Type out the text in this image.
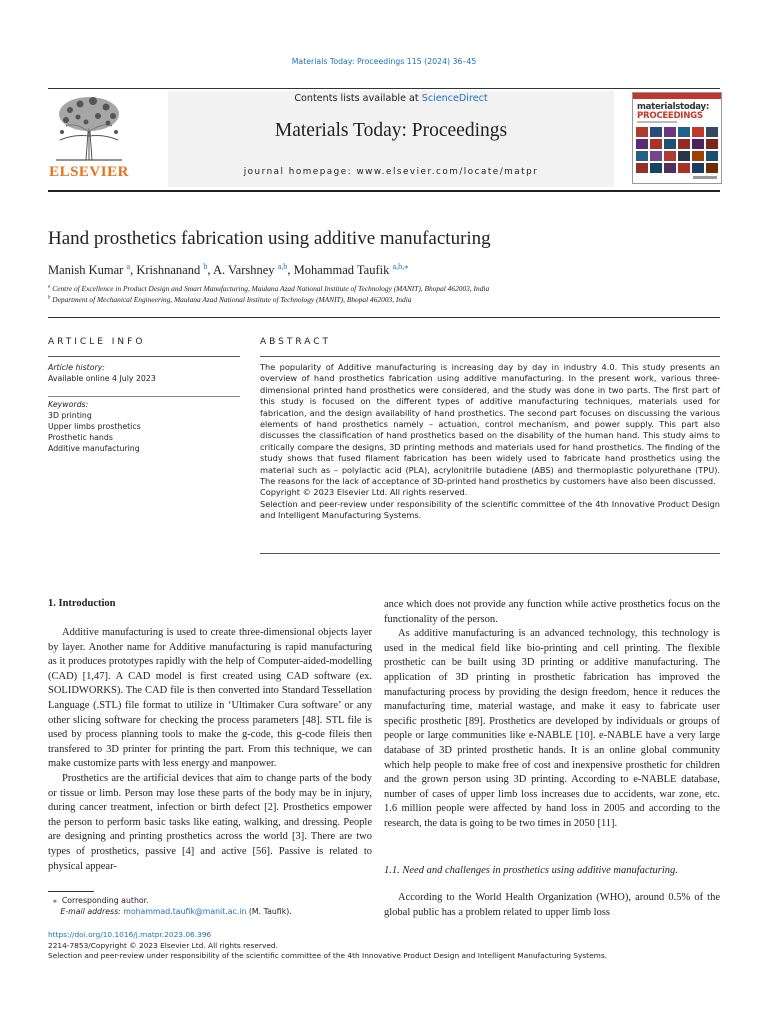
Materials Today: Proceedings 115 (2024) 36–45
ELSEVIER
Contents lists available at ScienceDirect
Materials Today: Proceedings
journal homepage: www.elsevier.com/locate/matpr
materialstoday:
PROCEEDINGS
Hand prosthetics fabrication using additive manufacturing
Manish Kumar $^a$, Krishnanand $^b$, A. Varshney $^{a,b}$, Mohammad Taufik $^{a,b,⁎}$
$^a$ Centre of Excellence in Product Design and Smart Manufacturing, Maulana Azad National Institute of Technology (MANIT), Bhopal 462003, India
$^b$ Department of Mechanical Engineering, Maulana Azad National Institute of Technology (MANIT), Bhopal 462003, India
ARTICLE INFO
Article history:
Available online 4 July 2023
Keywords:
3D printing
Upper limbs prosthetics
Prosthetic hands
Additive manufacturing
ABSTRACT

The popularity of Additive manufacturing is increasing day by day in industry 4.0. This study presents an overview of hand prosthetics fabrication using additive manufacturing. In the present work, various three-dimensional printed hand prosthetics were considered, and the study was done in two parts. The first part of this study is focused on the different types of additive manufacturing techniques, materials used for fabrication, and the design availability of hand prosthetics. The second part focuses on discussing the various elements of hand prosthetics namely – actuation, control mechanism, and power supply. This part also discusses the classification of hand prosthetics based on the disability of the human hand. This study aims to critically compare the designs, 3D printing methods and materials used for hand prosthetics. The finding of the study shows that fused filament fabrication has been widely used to fabricate hand prosthetics using the material such as – polylactic acid (PLA), acrylonitrile butadiene (ABS) and thermoplastic polyurethane (TPU). The reasons for the lack of acceptance of 3D-printed hand prosthetics by customers have also been discussed.

Copyright © 2023 Elsevier Ltd. All rights reserved.

Selection and peer-review under responsibility of the scientific committee of the 4th Innovative Product Design and Intelligent Manufacturing Systems.

1. Introduction

Additive manufacturing is used to create three-dimensional objects layer by layer. Another name for Additive manufacturing is rapid manufacturing as it produces prototypes rapidly with the help of Computer-aided-modelling (CAD) [1,47]. A CAD model is first created using CAD software (ex. SOLIDWORKS). The CAD file is then converted into Standard Tessellation Language (.STL) file format to utilize in ‘Ultimaker Cura software’ or any other slicing software for checking the process parameters [48]. STL file is used by process planning tools to make the g-code, this g-code fileis then transfered to 3D printer for printing the part. From this technique, we can make customize parts with less energy and manpower.

Prosthetics are the artificial devices that aim to change parts of the body or tissue or limb. Person may lose these parts of the body may be in injury, during cancer treatment, infection or birth defect [2]. Prosthetics empower the person to perform basic tasks like eating, walking, and dressing. People are designing and printing prosthetics across the world [3]. There are two types of prosthetics, passive [4] and active [56]. Passive is related to physical appear-

ance which does not provide any function while active prosthetics focus on the functionality of the person.

As additive manufacturing is an advanced technology, this technology is used in the medical field like bio-printing and cell printing. The flexible prosthetic can be built using 3D printing or additive manufacturing. The application of 3D printing in prosthetic fabrication has improved the manufacturing process by providing the design freedom, hence it reduces the manufacturing time, material wastage, and make it easy to fabricate user specific prosthetic [89]. Prosthetics are developed by individuals or groups of people or large communities like e-NABLE [10]. e-NABLE have a very large database of 3D printed prosthetic hands. It is an online global community which help people to make free of cost and inexpensive prosthetic for children and the grown person using 3D printing. According to e-NABLE database, number of cases of upper limb loss increases due to accidents, war zone, etc. 1.6 million people were affected by hand loss in 2005 and according to the research, the data is going to be two times in 2050 [11].

1.1. Need and challenges in prosthetics using additive manufacturing.

According to the World Health Organization (WHO), around 0.5% of the global public has a problem related to upper limb loss

⁎ Corresponding author.
E-mail address: mohammad.taufik@manit.ac.in (M. Taufik).
https://doi.org/10.1016/j.matpr.2023.06.396
2214-7853/Copyright © 2023 Elsevier Ltd. All rights reserved.
Selection and peer-review under responsibility of the scientific committee of the 4th Innovative Product Design and Intelligent Manufacturing Systems.
